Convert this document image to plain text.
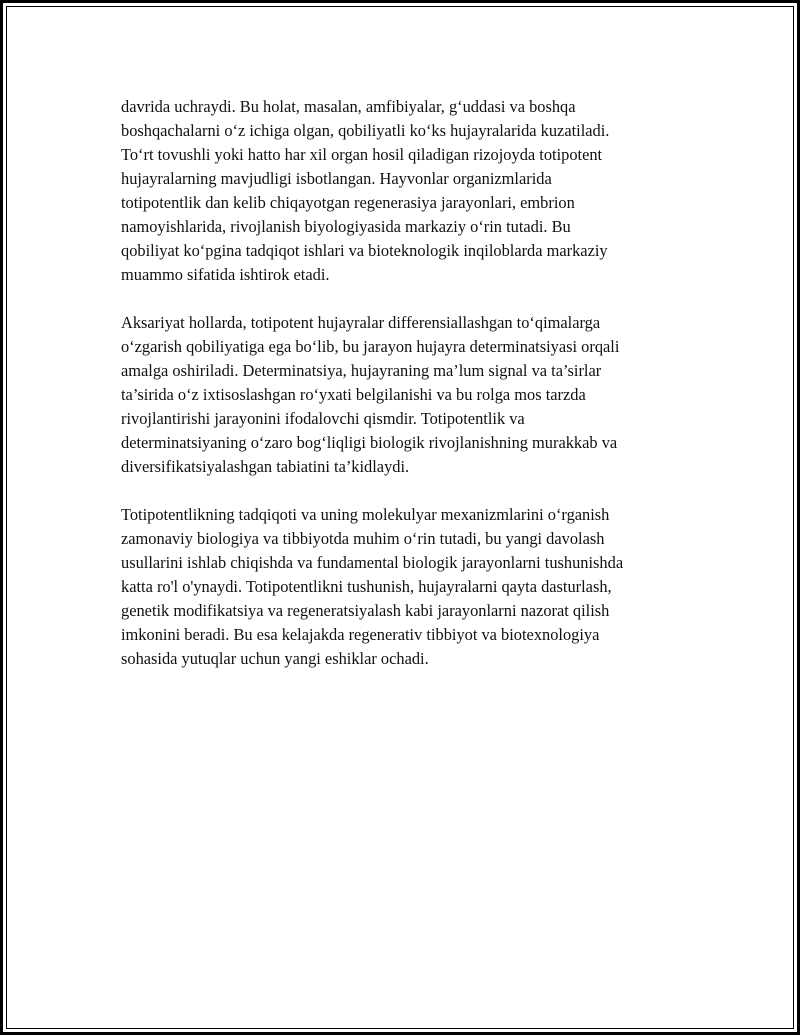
davrida uchraydi. Bu holat, masalan, amfibiyalar, g‘uddasi va boshqa
boshqachalarni o‘z ichiga olgan, qobiliyatli ko‘ks hujayralarida kuzatiladi.
To‘rt tovushli yoki hatto har xil organ hosil qiladigan rizojoyda totipotent
hujayralarning mavjudligi isbotlangan. Hayvonlar organizmlarida
totipotentlik dan kelib chiqayotgan regenerasiya jarayonlari, embrion
namoyishlarida, rivojlanish biyologiyasida markaziy o‘rin tutadi. Bu
qobiliyat ko‘pgina tadqiqot ishlari va bioteknologik inqiloblarda markaziy
muammo sifatida ishtirok etadi.

Aksariyat hollarda, totipotent hujayralar differensiallashgan to‘qimalarga
o‘zgarish qobiliyatiga ega bo‘lib, bu jarayon hujayra determinatsiyasi orqali
amalga oshiriladi. Determinatsiya, hujayraning ma’lum signal va ta’sirlar
ta’sirida o‘z ixtisoslashgan ro‘yxati belgilanishi va bu rolga mos tarzda
rivojlantirishi jarayonini ifodalovchi qismdir. Totipotentlik va
determinatsiyaning o‘zaro bog‘liqligi biologik rivojlanishning murakkab va
diversifikatsiyalashgan tabiatini ta’kidlaydi.

Totipotentlikning tadqiqoti va uning molekulyar mexanizmlarini o‘rganish
zamonaviy biologiya va tibbiyotda muhim o‘rin tutadi, bu yangi davolash
usullarini ishlab chiqishda va fundamental biologik jarayonlarni tushunishda
katta ro'l o'ynaydi. Totipotentlikni tushunish, hujayralarni qayta dasturlash,
genetik modifikatsiya va regeneratsiyalash kabi jarayonlarni nazorat qilish
imkonini beradi. Bu esa kelajakda regenerativ tibbiyot va biotexnologiya
sohasida yutuqlar uchun yangi eshiklar ochadi.
